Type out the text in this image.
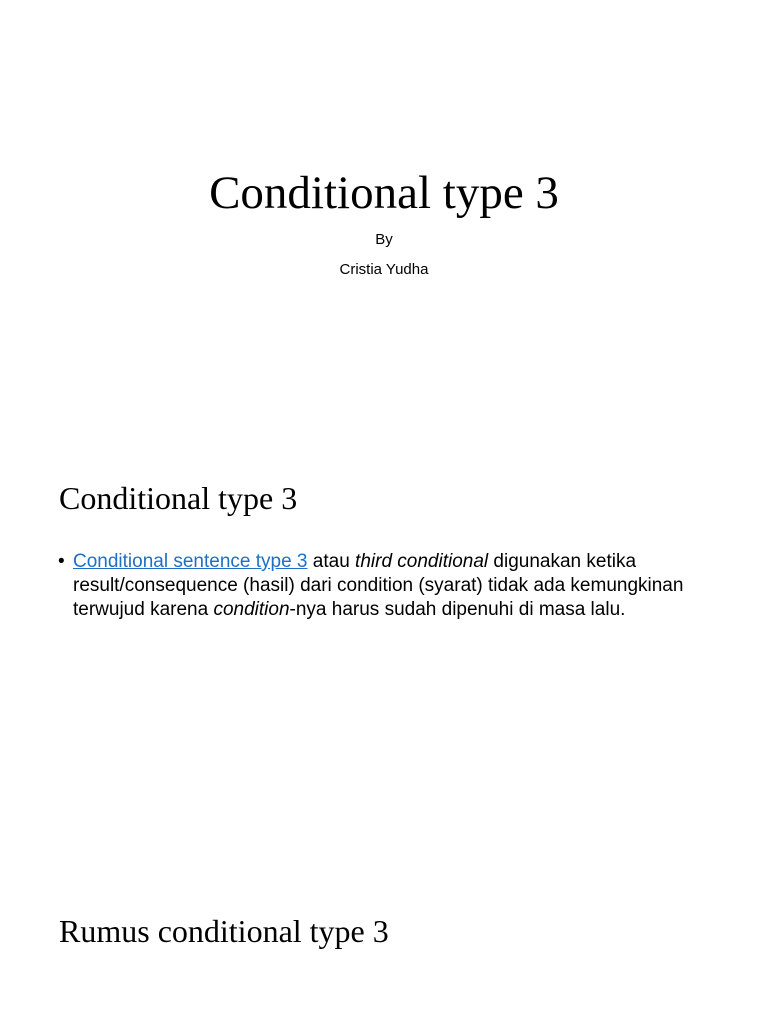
Conditional type 3
By
Cristia Yudha
Conditional type 3
• Conditional sentence type 3 atau third conditional digunakan ketika result/consequence (hasil) dari condition (syarat) tidak ada kemungkinan terwujud karena condition-nya harus sudah dipenuhi di masa lalu.
Rumus conditional type 3
